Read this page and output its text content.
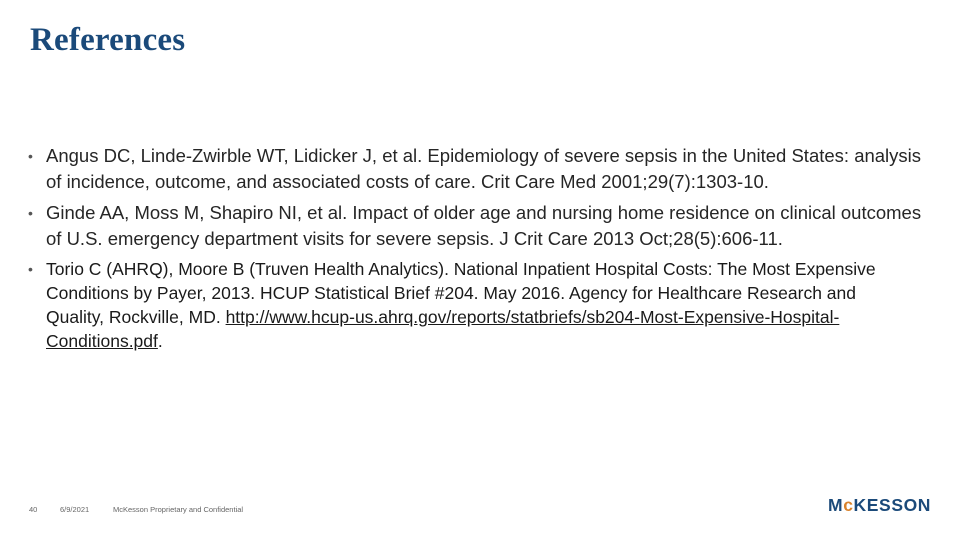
References
• Angus DC, Linde-Zwirble WT, Lidicker J, et al. Epidemiology of severe sepsis in the United States: analysis of incidence, outcome, and associated costs of care. Crit Care Med 2001;29(7):1303-10.
• Ginde AA, Moss M, Shapiro NI, et al. Impact of older age and nursing home residence on clinical outcomes of U.S. emergency department visits for severe sepsis. J Crit Care 2013 Oct;28(5):606-11.
• Torio C (AHRQ), Moore B (Truven Health Analytics). National Inpatient Hospital Costs: The Most Expensive Conditions by Payer, 2013. HCUP Statistical Brief #204. May 2016. Agency for Healthcare Research and Quality, Rockville, MD. http://www.hcup-us.ahrq.gov/reports/statbriefs/sb204-Most-Expensive-Hospital-Conditions.pdf.
40	6/9/2021	McKesson Proprietary and Confidential	McKESSON
